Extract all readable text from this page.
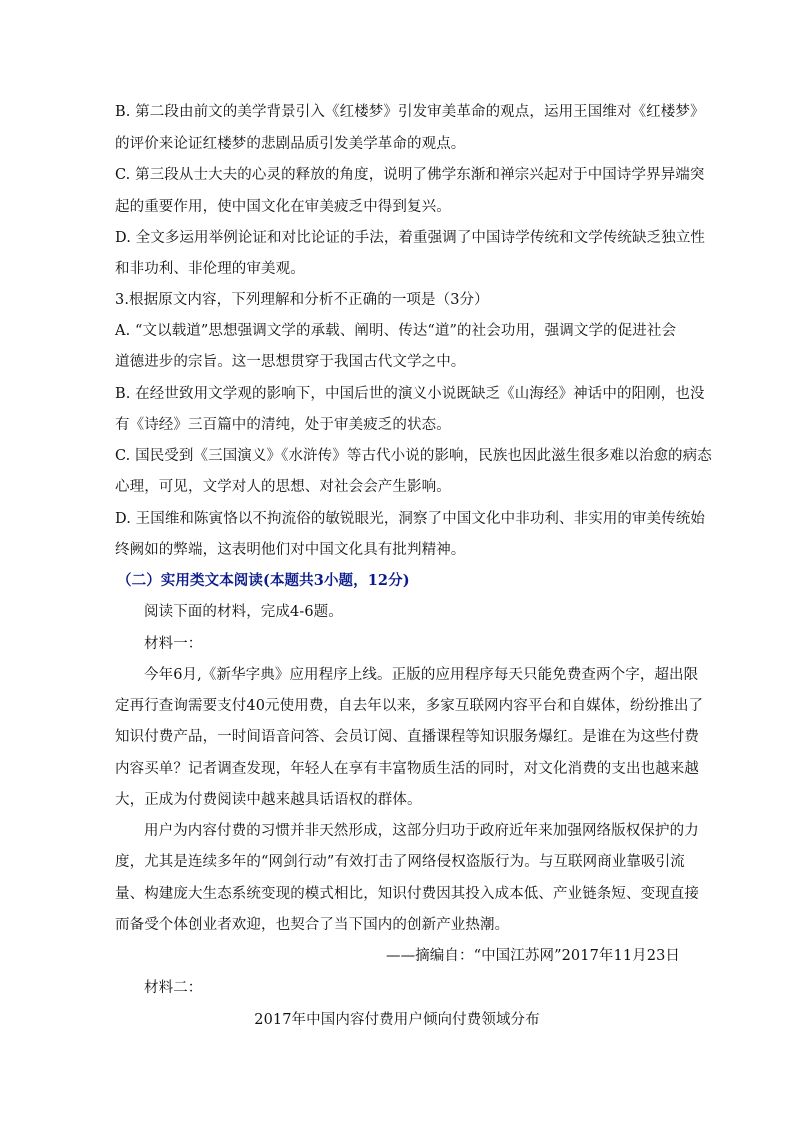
B. 第二段由前文的美学背景引入《红楼梦》引发审美革命的观点，运用王国维对《红楼梦》
的评价来论证红楼梦的悲剧品质引发美学革命的观点。
C. 第三段从士大夫的心灵的释放的角度，说明了佛学东渐和禅宗兴起对于中国诗学界异端突
起的重要作用，使中国文化在审美疲乏中得到复兴。
D. 全文多运用举例论证和对比论证的手法，着重强调了中国诗学传统和文学传统缺乏独立性
和非功利、非伦理的审美观。
3.根据原文内容，下列理解和分析不正确的一项是（3分）
A. “文以载道”思想强调文学的承载、阐明、传达“道”的社会功用，强调文学的促进社会
道德进步的宗旨。这一思想贯穿于我国古代文学之中。
B. 在经世致用文学观的影响下，中国后世的演义小说既缺乏《山海经》神话中的阳刚，也没
有《诗经》三百篇中的清纯，处于审美疲乏的状态。
C. 国民受到《三国演义》《水浒传》等古代小说的影响，民族也因此滋生很多难以治愈的病态
心理，可见，文学对人的思想、对社会会产生影响。
D. 王国维和陈寅恪以不拘流俗的敏锐眼光，洞察了中国文化中非功利、非实用的审美传统始
终阙如的弊端，这表明他们对中国文化具有批判精神。
（二）实用类文本阅读(本题共3小题，12分)
阅读下面的材料，完成4-6题。
材料一：
今年6月,《新华字典》应用程序上线。正版的应用程序每天只能免费查两个字，超出限
定再行查询需要支付40元使用费，自去年以来，多家互联网内容平台和自媒体，纷纷推出了
知识付费产品，一时间语音问答、会员订阅、直播课程等知识服务爆红。是谁在为这些付费
内容买单？记者调查发现，年轻人在享有丰富物质生活的同时，对文化消费的支出也越来越
大，正成为付费阅读中越来越具话语权的群体。
用户为内容付费的习惯并非天然形成，这部分归功于政府近年来加强网络版权保护的力
度，尤其是连续多年的“网剑行动”有效打击了网络侵权盗版行为。与互联网商业靠吸引流
量、构建庞大生态系统变现的模式相比，知识付费因其投入成本低、产业链条短、变现直接
而备受个体创业者欢迎，也契合了当下国内的创新产业热潮。
——摘编自：“中国江苏网”2017年11月23日
材料二：
2017年中国内容付费用户倾向付费领域分布
